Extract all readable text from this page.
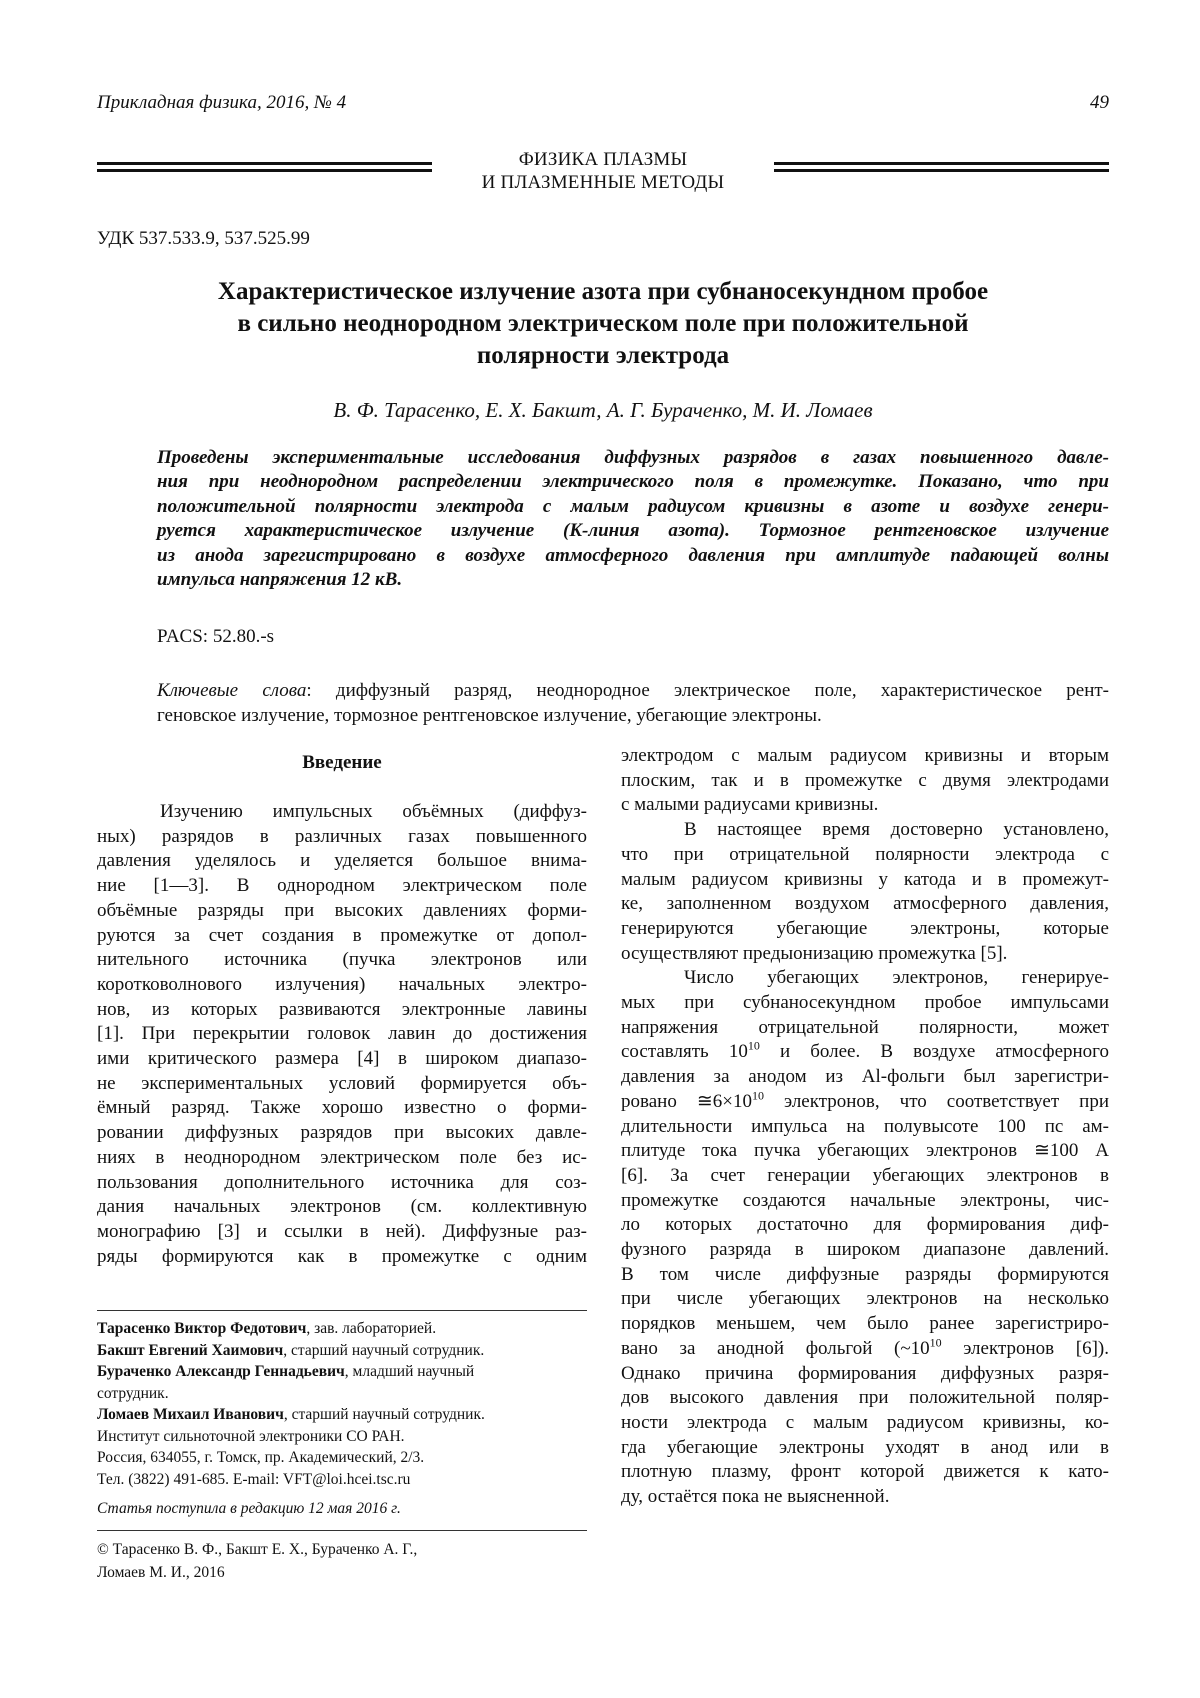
Прикладная физика, 2016, № 4	49
ФИЗИКА ПЛАЗМЫ
И ПЛАЗМЕННЫЕ МЕТОДЫ
УДК 537.533.9, 537.525.99
Характеристическое излучение азота при субнаносекундном пробое
в сильно неоднородном электрическом поле при положительной
полярности электрода
В. Ф. Тарасенко, Е. Х. Бакшт, А. Г. Бураченко, М. И. Ломаев
Проведены экспериментальные исследования диффузных разрядов в газах повышенного давле-
ния при неоднородном распределении электрического поля в промежутке. Показано, что при
положительной полярности электрода с малым радиусом кривизны в азоте и воздухе генери-
руется характеристическое излучение (K-линия азота). Тормозное рентгеновское излучение
из анода зарегистрировано в воздухе атмосферного давления при амплитуде падающей волны
импульса напряжения 12 кВ.
PACS: 52.80.-s
Ключевые слова: диффузный разряд, неоднородное электрическое поле, характеристическое рент-
геновское излучение, тормозное рентгеновское излучение, убегающие электроны.
Введение
Изучению импульсных объёмных (диффуз-
ных) разрядов в различных газах повышенного
давления уделялось и уделяется большое внима-
ние [1—3]. В однородном электрическом поле
объёмные разряды при высоких давлениях форми-
руются за счет создания в промежутке от допол-
нительного источника (пучка электронов или
коротковолнового излучения) начальных электро-
нов, из которых развиваются электронные лавины
[1]. При перекрытии головок лавин до достижения
ими критического размера [4] в широком диапазо-
не экспериментальных условий формируется объ-
ёмный разряд. Также хорошо известно о форми-
ровании диффузных разрядов при высоких давле-
ниях в неоднородном электрическом поле без ис-
пользования дополнительного источника для соз-
дания начальных электронов (см. коллективную
монографию [3] и ссылки в ней). Диффузные раз-
ряды формируются как в промежутке с одним
электродом с малым радиусом кривизны и вторым
плоским, так и в промежутке с двумя электродами
с малыми радиусами кривизны.
В настоящее время достоверно установлено,
что при отрицательной полярности электрода с
малым радиусом кривизны у катода и в промежут-
ке, заполненном воздухом атмосферного давления,
генерируются убегающие электроны, которые
осуществляют предыонизацию промежутка [5].
Число убегающих электронов, генерируе-
мых при субнаносекундном пробое импульсами
напряжения отрицательной полярности, может
составлять $10^{10}$ и более. В воздухе атмосферного
давления за анодом из Al-фольги был зарегистри-
ровано $≅6\times 10^{10}$ электронов, что соответствует при
длительности импульса на полувысоте 100 пс ам-
плитуде тока пучка убегающих электронов ≅100 А
[6]. За счет генерации убегающих электронов в
промежутке создаются начальные электроны, чис-
ло которых достаточно для формирования диф-
фузного разряда в широком диапазоне давлений.
В том числе диффузные разряды формируются
при числе убегающих электронов на несколько
порядков меньшем, чем было ранее зарегистриро-
вано за анодной фольгой ($\sim 10^{10}$ электронов [6]).
Однако причина формирования диффузных разря-
дов высокого давления при положительной поляр-
ности электрода с малым радиусом кривизны, ко-
гда убегающие электроны уходят в анод или в
плотную плазму, фронт которой движется к като-
ду, остаётся пока не выясненной.
Тарасенко Виктор Федотович, зав. лабораторией.
Бакшт Евгений Хаимович, старший научный сотрудник.
Бураченко Александр Геннадьевич, младший научный
сотрудник.
Ломаев Михаил Иванович, старший научный сотрудник.
Институт сильноточной электроники СО РАН.
Россия, 634055, г. Томск, пр. Академический, 2/3.
Тел. (3822) 491-685. E-mail: VFT@loi.hcei.tsc.ru
Статья поступила в редакцию 12 мая 2016 г.
© Тарасенко В. Ф., Бакшт Е. Х., Бураченко А. Г.,
Ломаев М. И., 2016
